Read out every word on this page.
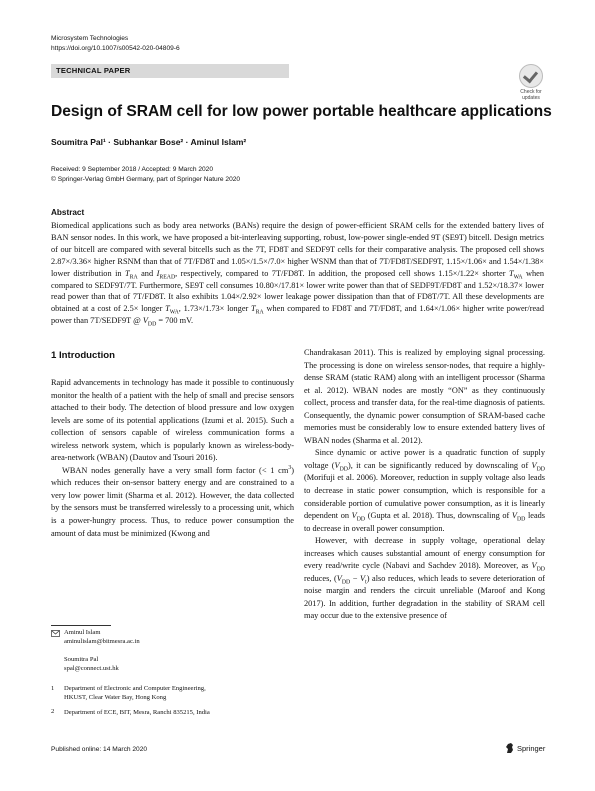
Microsystem Technologies
https://doi.org/10.1007/s00542-020-04809-6
TECHNICAL PAPER
Check for
updates
Design of SRAM cell for low power portable healthcare applications
Soumitra Pal¹ · Subhankar Bose² · Aminul Islam²
Received: 9 September 2018 / Accepted: 9 March 2020
© Springer-Verlag GmbH Germany, part of Springer Nature 2020
Abstract

Biomedical applications such as body area networks (BANs) require the design of power-efficient SRAM cells for the extended battery lives of BAN sensor nodes. In this work, we have proposed a bit-interleaving supporting, robust, low-power single-ended 9T (SE9T) bitcell. Design metrics of our bitcell are compared with several bitcells such as the 7T, FD8T and SEDF9T cells for their comparative analysis. The proposed cell shows 2.87×/3.36× higher RSNM than that of 7T/FD8T and 1.05×/1.5×/7.0× higher WSNM than that of 7T/FD8T/SEDF9T, 1.15×/1.06× and 1.54×/1.38× lower distribution in $T_{RA}$ and $I_{READ}$, respectively, compared to 7T/FD8T. In addition, the proposed cell shows 1.15×/1.22× shorter $T_{WA}$ when compared to SEDF9T/7T. Furthermore, SE9T cell consumes 10.80×/17.81× lower write power than that of SEDF9T/FD8T and 1.52×/18.37× lower read power than that of 7T/FD8T. It also exhibits 1.04×/2.92× lower leakage power dissipation than that of FD8T/7T. All these developments are obtained at a cost of 2.5× longer $T_{WA}$, 1.73×/1.73× longer $T_{RA}$ when compared to FD8T and 7T/FD8T, and 1.64×/1.06× higher write power/read power than 7T/SEDF9T @ $V_{DD} = 700$ mV.

1 Introduction

Rapid advancements in technology has made it possible to continuously monitor the health of a patient with the help of small and precise sensors attached to their body. The detection of blood pressure and low oxygen levels are some of its potential applications (Izumi et al. 2015). Such a collection of sensors capable of wireless communication forms a wireless network system, which is popularly known as wireless-body-area-network (WBAN) (Dautov and Tsouri 2016).

WBAN nodes generally have a very small form factor (< 1 $cm^3$) which reduces their on-sensor battery energy and are constrained to a very low power limit (Sharma et al. 2012). However, the data collected by the sensors must be transferred wirelessly to a processing unit, which is a power-hungry process. Thus, to reduce power consumption the amount of data must be minimized (Kwong and

Chandrakasan 2011). This is realized by employing signal processing. The processing is done on wireless sensor-nodes, that require a highly-dense SRAM (static RAM) along with an intelligent processor (Sharma et al. 2012). WBAN nodes are mostly “ON” as they continuously collect, process and transfer data, for the real-time diagnosis of patients. Consequently, the dynamic power consumption of SRAM-based cache memories must be considerably low to ensure extended battery lives of WBAN nodes (Sharma et al. 2012).

Since dynamic or active power is a quadratic function of supply voltage $(V_{DD})$, it can be significantly reduced by downscaling of $V_{DD}$ (Morifuji et al. 2006). Moreover, reduction in supply voltage also leads to decrease in static power consumption, which is responsible for a considerable portion of cumulative power consumption, as it is linearly dependent on $V_{DD}$ (Gupta et al. 2018). Thus, downscaling of $V_{DD}$ leads to decrease in overall power consumption.

However, with decrease in supply voltage, operational delay increases which causes substantial amount of energy consumption for every read/write cycle (Nabavi and Sachdev 2018). Moreover, as $V_{DD}$ reduces, $(V_{DD} - V_t)$ also reduces, which leads to severe deterioration of noise margin and renders the circuit unreliable (Maroof and Kong 2017). In addition, further degradation in the stability of SRAM cell may occur due to the extensive presence of

Aminul Islam
aminulislam@bitmesra.ac.in
Soumitra Pal
spal@connect.ust.hk
1 Department of Electronic and Computer Engineering,
HKUST, Clear Water Bay, Hong Kong
2 Department of ECE, BIT, Mesra, Ranchi 835215, India
Published online: 14 March 2020	Springer
